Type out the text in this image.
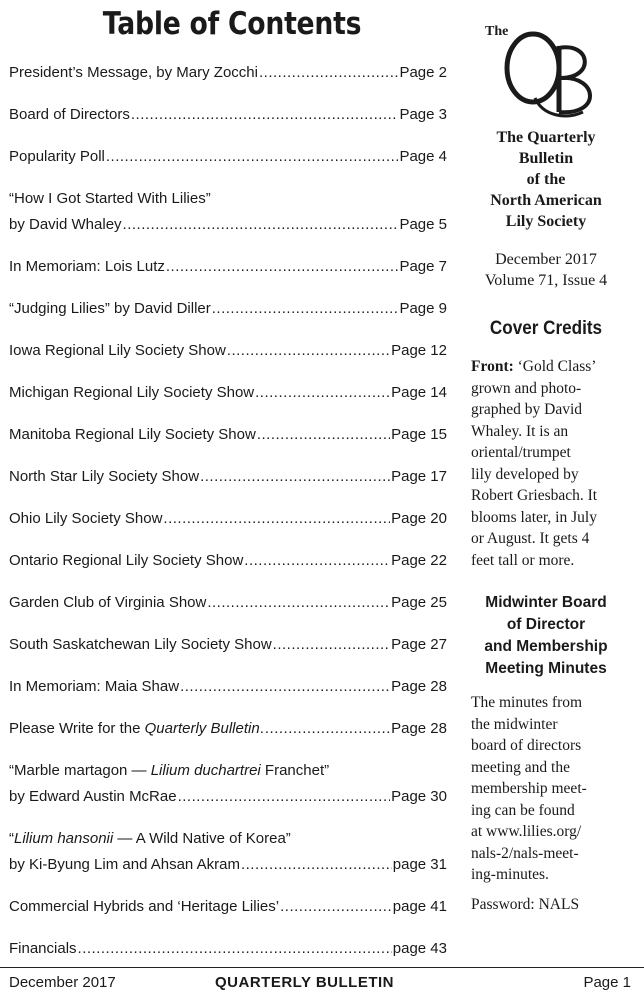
Table of Contents
President’s Message, by Mary Zocchi .....	Page 2
Board of Directors .....	Page 3
Popularity Poll .....	Page 4
“How I Got Started With Lilies”
by David Whaley .....	Page 5
In Memoriam: Lois Lutz .....	Page 7
“Judging Lilies” by David Diller .....	Page 9
Iowa Regional Lily Society Show .....	Page 12
Michigan Regional Lily Society Show .....	Page 14
Manitoba Regional Lily Society Show .....	Page 15
North Star Lily Society Show .....	Page 17
Ohio Lily Society Show .....	Page 20
Ontario Regional Lily Society Show .....	Page 22
Garden Club of Virginia Show .....	Page 25
South Saskatchewan Lily Society Show .....	Page 27
In Memoriam: Maia Shaw .....	Page 28
Please Write for the Quarterly Bulletin. .....	Page 28
“Marble martagon — Lilium duchartrei Franchet”
by Edward Austin McRae .....	Page 30
“Lilium hansonii — A Wild Native of Korea”
by Ki-Byung Lim and Ahsan Akram .....	page 31
Commercial Hybrids and ‘Heritage Lilies’ .....	page 41
Financials .....	page 43
The
The Quarterly
Bulletin
of the
North American
Lily Society
December 2017
Volume 71, Issue 4
Cover Credits
Front: ‘Gold Class’
grown and photo-
graphed by David
Whaley. It is an
oriental/trumpet
lily developed by
Robert Griesbach. It
blooms later, in July
or August. It gets 4
feet tall or more.
Midwinter Board
of Director
and Membership
Meeting Minutes
The minutes from
the midwinter
board of directors
meeting and the
membership meet-
ing can be found
at www.lilies.org/
nals-2/nals-meet-
ing-minutes.
Password: NALS
December 2017	QUARTERLY BULLETIN	Page 1
